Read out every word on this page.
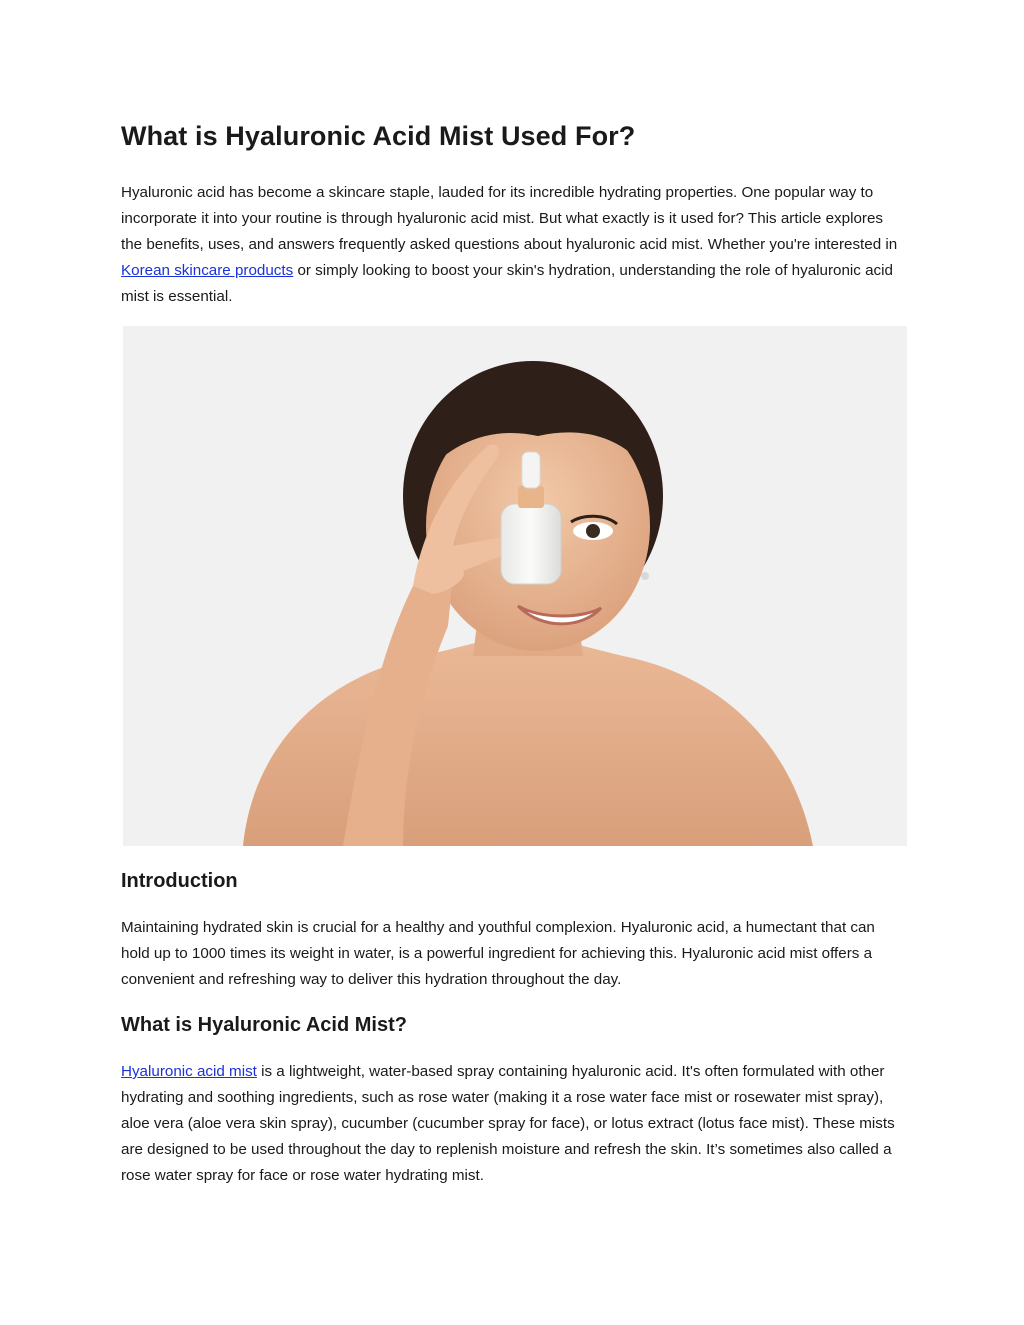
What is Hyaluronic Acid Mist Used For?

Hyaluronic acid has become a skincare staple, lauded for its incredible hydrating properties. One popular way to incorporate it into your routine is through hyaluronic acid mist. But what exactly is it used for? This article explores the benefits, uses, and answers frequently asked questions about hyaluronic acid mist. Whether you're interested in Korean skincare products or simply looking to boost your skin's hydration, understanding the role of hyaluronic acid mist is essential.

Introduction

Maintaining hydrated skin is crucial for a healthy and youthful complexion. Hyaluronic acid, a humectant that can hold up to 1000 times its weight in water, is a powerful ingredient for achieving this. Hyaluronic acid mist offers a convenient and refreshing way to deliver this hydration throughout the day.

What is Hyaluronic Acid Mist?

Hyaluronic acid mist is a lightweight, water-based spray containing hyaluronic acid. It's often formulated with other hydrating and soothing ingredients, such as rose water (making it a rose water face mist or rosewater mist spray), aloe vera (aloe vera skin spray), cucumber (cucumber spray for face), or lotus extract (lotus face mist). These mists are designed to be used throughout the day to replenish moisture and refresh the skin. It’s sometimes also called a rose water spray for face or rose water hydrating mist.
